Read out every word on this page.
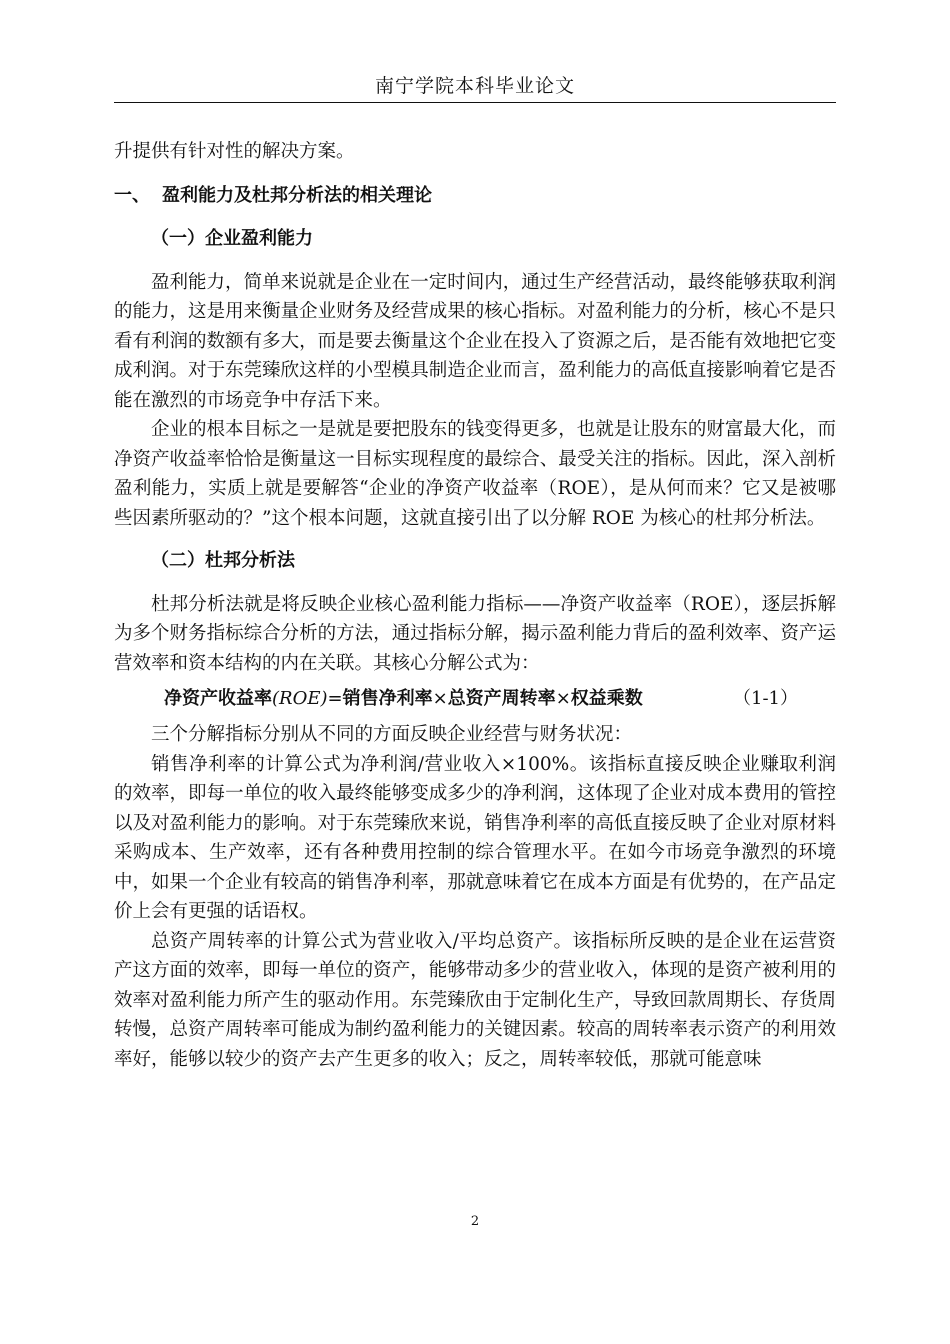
南宁学院本科毕业论文

升提供有针对性的解决方案。

一、 盈利能力及杜邦分析法的相关理论
（一）企业盈利能力

盈利能力，简单来说就是企业在一定时间内，通过生产经营活动，最终能够获取利润的能力，这是用来衡量企业财务及经营成果的核心指标。对盈利能力的分析，核心不是只看有利润的数额有多大，而是要去衡量这个企业在投入了资源之后，是否能有效地把它变成利润。对于东莞臻欣这样的小型模具制造企业而言，盈利能力的高低直接影响着它是否能在激烈的市场竞争中存活下来。

企业的根本目标之一是就是要把股东的钱变得更多，也就是让股东的财富最大化，而净资产收益率恰恰是衡量这一目标实现程度的最综合、最受关注的指标。因此，深入剖析盈利能力，实质上就是要解答“企业的净资产收益率（ROE），是从何而来？它又是被哪些因素所驱动的？”这个根本问题，这就直接引出了以分解 ROE 为核心的杜邦分析法。

（二）杜邦分析法

杜邦分析法就是将反映企业核心盈利能力指标——净资产收益率（ROE），逐层拆解为多个财务指标综合分析的方法，通过指标分解，揭示盈利能力背后的盈利效率、资产运营效率和资本结构的内在关联。其核心分解公式为：

净资产收益率(ROE)=销售净利率×总资产周转率×权益乘数	（1-1）

三个分解指标分别从不同的方面反映企业经营与财务状况：

销售净利率的计算公式为净利润/营业收入×100%。该指标直接反映企业赚取利润的效率，即每一单位的收入最终能够变成多少的净利润，这体现了企业对成本费用的管控以及对盈利能力的影响。对于东莞臻欣来说，销售净利率的高低直接反映了企业对原材料采购成本、生产效率，还有各种费用控制的综合管理水平。在如今市场竞争激烈的环境中，如果一个企业有较高的销售净利率，那就意味着它在成本方面是有优势的，在产品定价上会有更强的话语权。

总资产周转率的计算公式为营业收入/平均总资产。该指标所反映的是企业在运营资产这方面的效率，即每一单位的资产，能够带动多少的营业收入，体现的是资产被利用的效率对盈利能力所产生的驱动作用。东莞臻欣由于定制化生产，导致回款周期长、存货周转慢，总资产周转率可能成为制约盈利能力的关键因素。较高的周转率表示资产的利用效率好，能够以较少的资产去产生更多的收入；反之，周转率较低，那就可能意味

2
